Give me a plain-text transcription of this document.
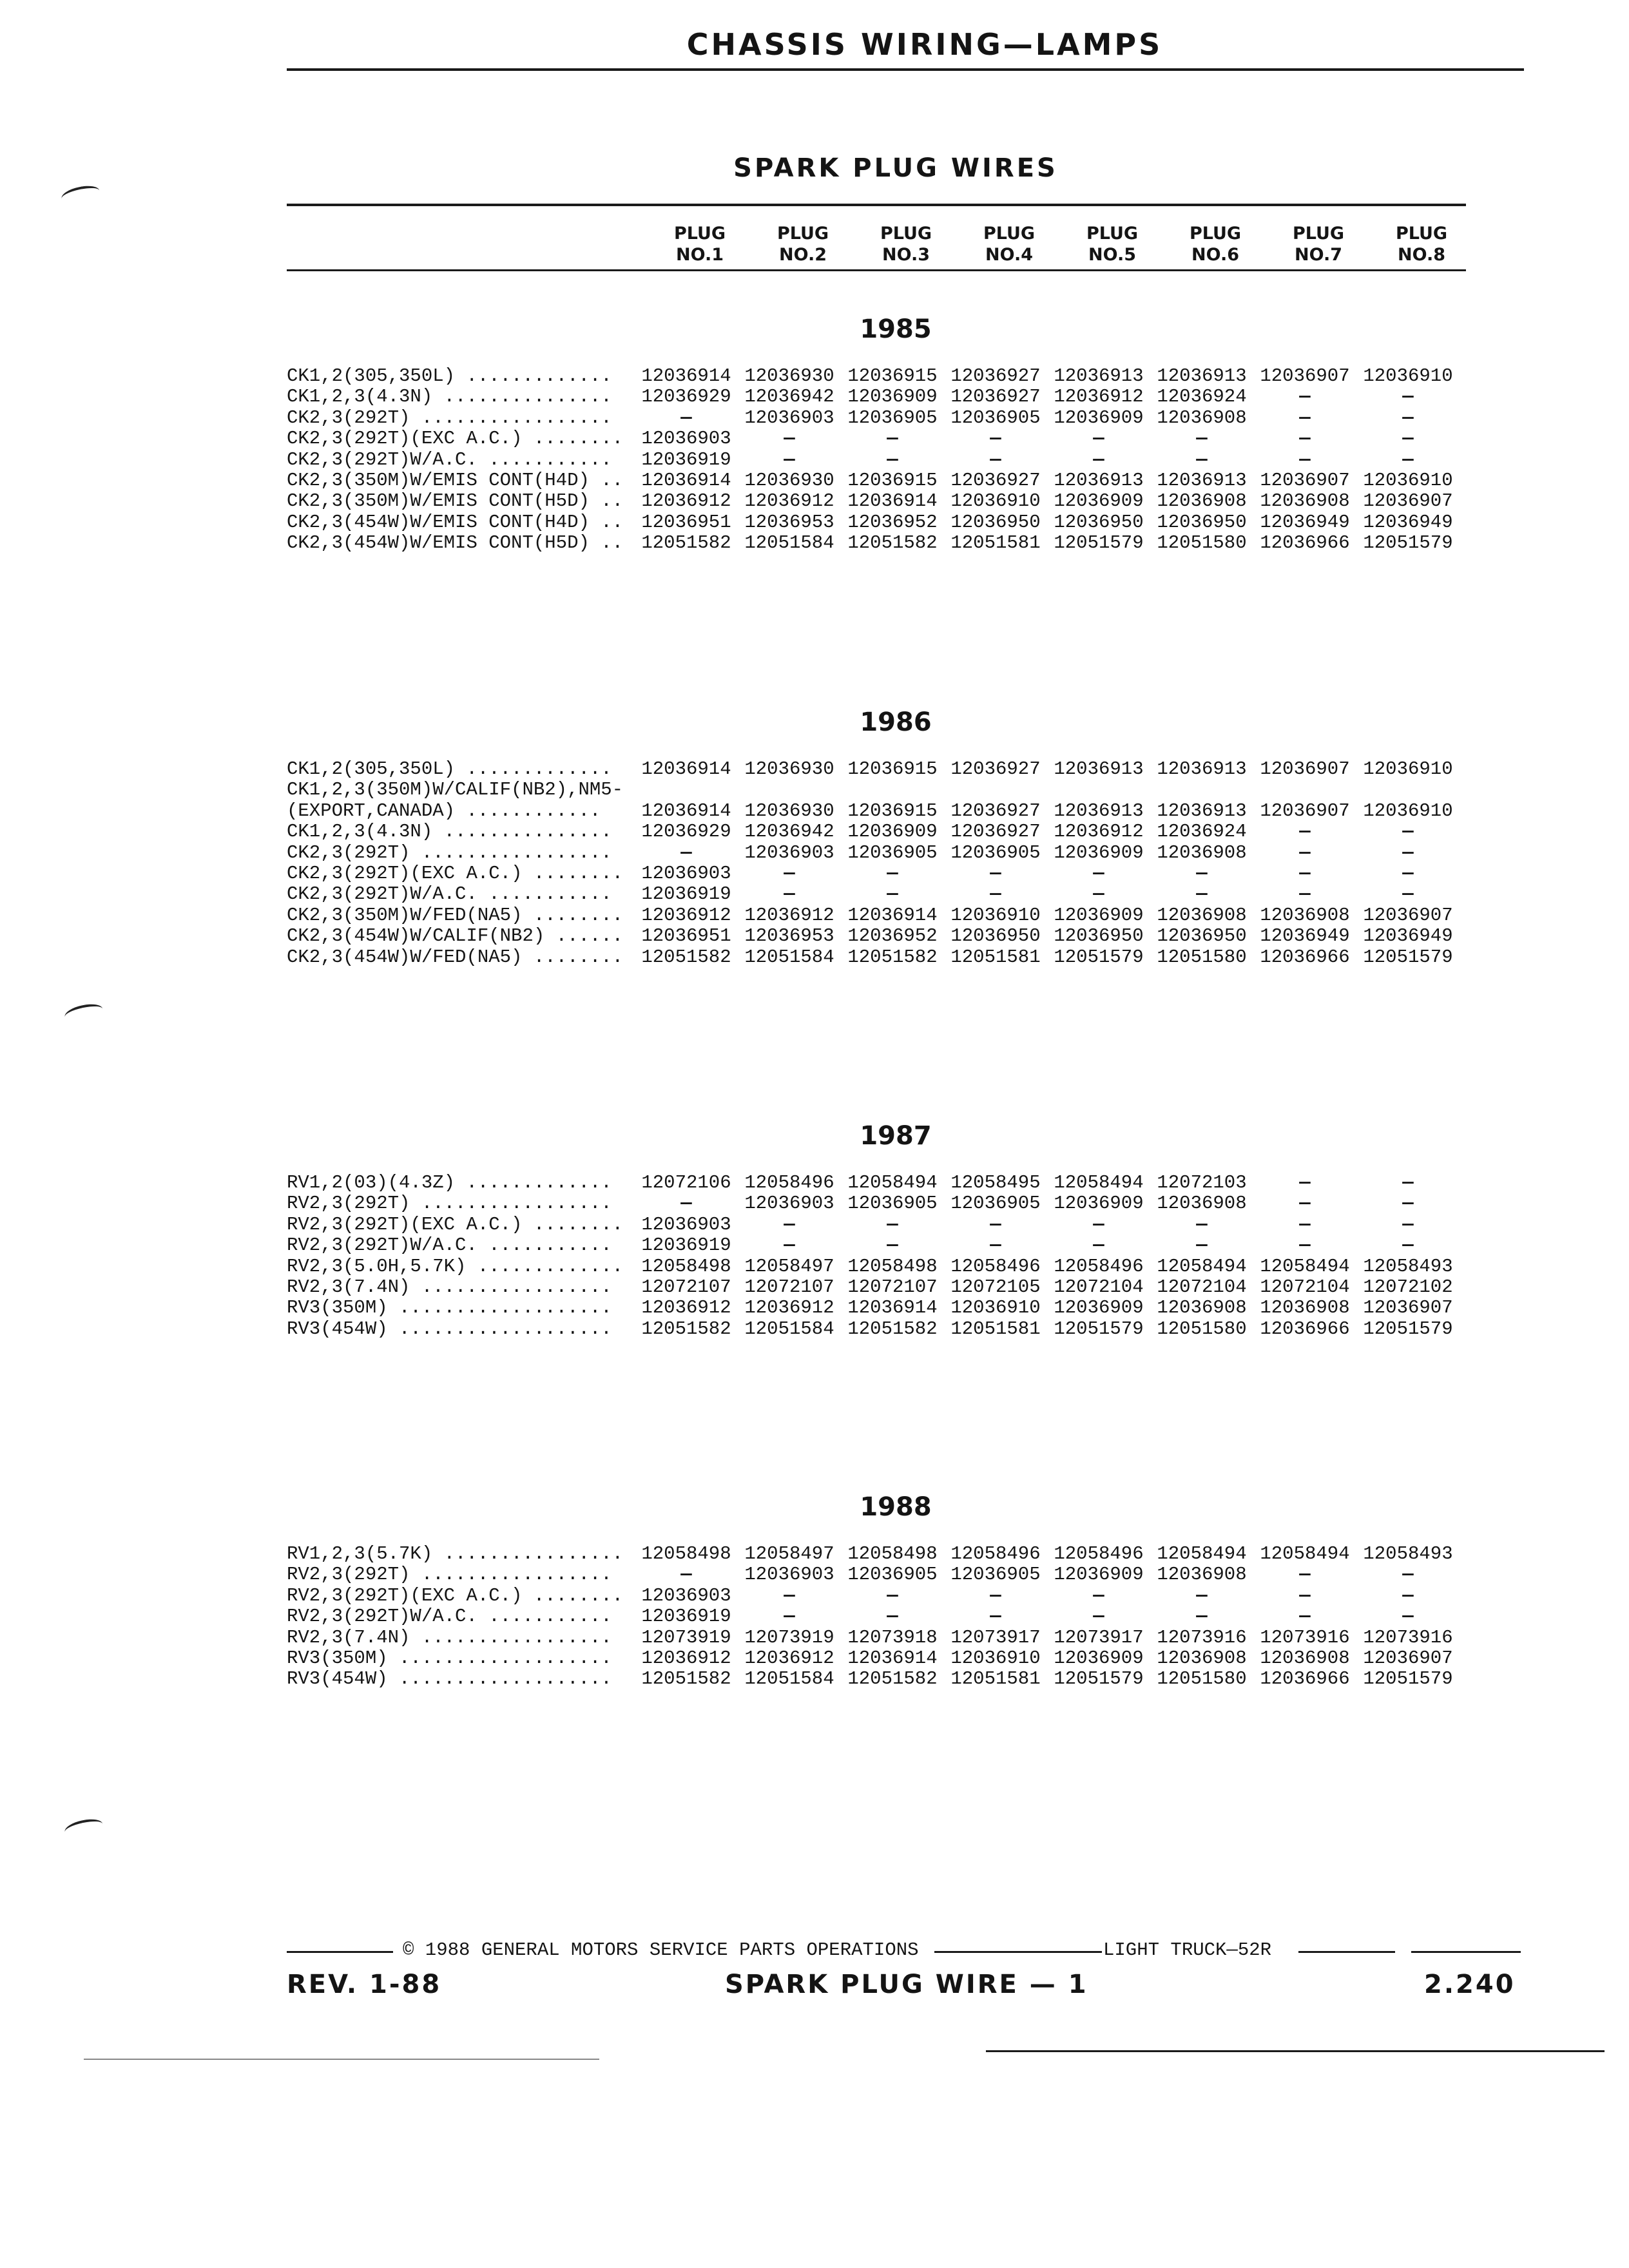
CHASSIS WIRING—LAMPS
SPARK PLUG WIRES
PLUG
NO.1
PLUG
NO.2
PLUG
NO.3
PLUG
NO.4
PLUG
NO.5
PLUG
NO.6
PLUG
NO.7
PLUG
NO.8
1985
CK1,2(305,350L) .............	12036914 12036930 12036915 12036927 12036913 12036913 12036907 12036910
CK1,2,3(4.3N) ...............	12036929 12036942 12036909 12036927 12036912 12036924	—	—
CK2,3(292T) .................	—	12036903 12036905 12036905 12036909 12036908	—	—
CK2,3(292T)(EXC A.C.) ........ 12036903	—	—	—	—	—	—	—
CK2,3(292T)W/A.C. ...........	12036919	—	—	—	—	—	—	—
CK2,3(350M)W/EMIS CONT(H4D) .. 12036914 12036930 12036915 12036927 12036913 12036913 12036907 12036910
CK2,3(350M)W/EMIS CONT(H5D) .. 12036912 12036912 12036914 12036910 12036909 12036908 12036908 12036907
CK2,3(454W)W/EMIS CONT(H4D) .. 12036951 12036953 12036952 12036950 12036950 12036950 12036949 12036949
CK2,3(454W)W/EMIS CONT(H5D) .. 12051582 12051584 12051582 12051581 12051579 12051580 12036966 12051579
1986
CK1,2(305,350L) .............	12036914 12036930 12036915 12036927 12036913 12036913 12036907 12036910
CK1,2,3(350M)W/CALIF(NB2),NM5-
(EXPORT,CANADA) ............	12036914 12036930 12036915 12036927 12036913 12036913 12036907 12036910
CK1,2,3(4.3N) ...............	12036929 12036942 12036909 12036927 12036912 12036924	—	—
CK2,3(292T) .................	—	12036903 12036905 12036905 12036909 12036908	—	—
CK2,3(292T)(EXC A.C.) ........ 12036903	—	—	—	—	—	—	—
CK2,3(292T)W/A.C. ...........	12036919	—	—	—	—	—	—	—
CK2,3(350M)W/FED(NA5) ........ 12036912 12036912 12036914 12036910 12036909 12036908 12036908 12036907
CK2,3(454W)W/CALIF(NB2) ...... 12036951 12036953 12036952 12036950 12036950 12036950 12036949 12036949
CK2,3(454W)W/FED(NA5) ........ 12051582 12051584 12051582 12051581 12051579 12051580 12036966 12051579
1987
RV1,2(03)(4.3Z) .............	12072106 12058496 12058494 12058495 12058494 12072103	—	—
RV2,3(292T) .................	—	12036903 12036905 12036905 12036909 12036908	—	—
RV2,3(292T)(EXC A.C.) ........ 12036903	—	—	—	—	—	—	—
RV2,3(292T)W/A.C. ...........	12036919	—	—	—	—	—	—	—
RV2,3(5.0H,5.7K) ............. 12058498 12058497 12058498 12058496 12058496 12058494 12058494 12058493
RV2,3(7.4N) .................	12072107 12072107 12072107 12072105 12072104 12072104 12072104 12072102
RV3(350M) ...................	12036912 12036912 12036914 12036910 12036909 12036908 12036908 12036907
RV3(454W) ...................	12051582 12051584 12051582 12051581 12051579 12051580 12036966 12051579
1988
RV1,2,3(5.7K) ................ 12058498 12058497 12058498 12058496 12058496 12058494 12058494 12058493
RV2,3(292T) .................	—	12036903 12036905 12036905 12036909 12036908	—	—
RV2,3(292T)(EXC A.C.) ........ 12036903	—	—	—	—	—	—	—
RV2,3(292T)W/A.C. ...........	12036919	—	—	—	—	—	—	—
RV2,3(7.4N) .................	12073919 12073919 12073918 12073917 12073917 12073916 12073916 12073916
RV3(350M) ...................	12036912 12036912 12036914 12036910 12036909 12036908 12036908 12036907
RV3(454W) ...................	12051582 12051584 12051582 12051581 12051579 12051580 12036966 12051579
© 1988 GENERAL MOTORS SERVICE PARTS OPERATIONS	LIGHT TRUCK—52R
REV. 1-88	SPARK PLUG WIRE — 1	2.240
